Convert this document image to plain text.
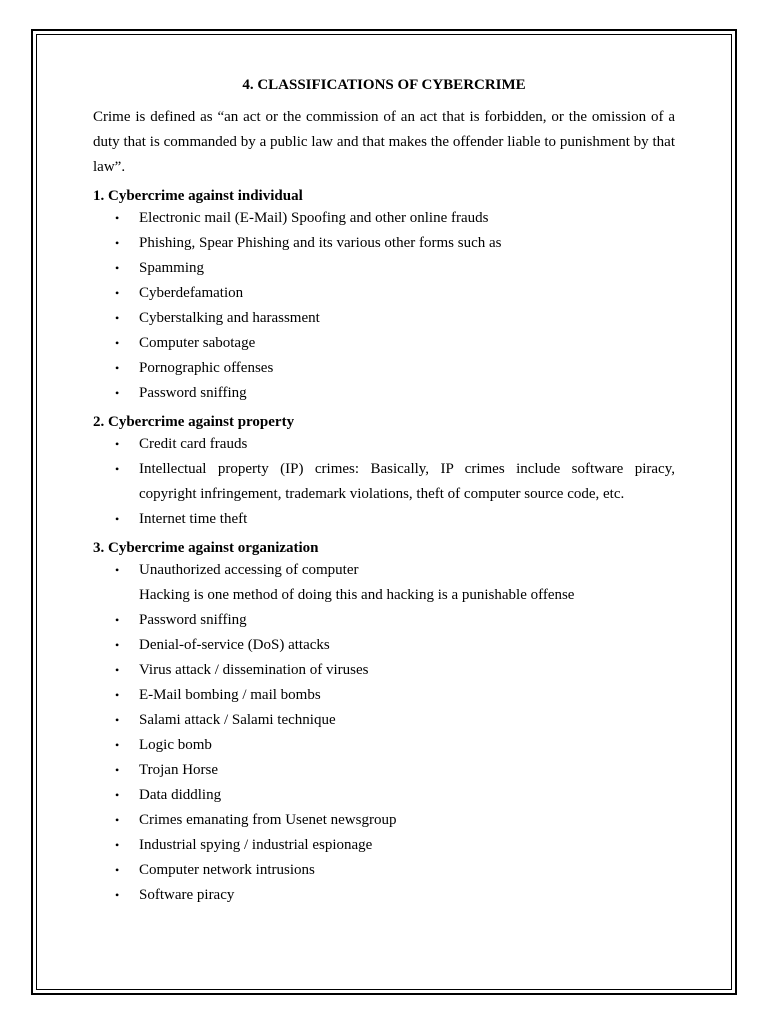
4. CLASSIFICATIONS OF CYBERCRIME

Crime is defined as “an act or the commission of an act that is forbidden, or the omission of a duty that is commanded by a public law and that makes the offender liable to punishment by that law”.

1. Cybercrime against individual

• Electronic mail (E-Mail) Spoofing and other online frauds
• Phishing, Spear Phishing and its various other forms such as
• Spamming
• Cyberdefamation
• Cyberstalking and harassment
• Computer sabotage
• Pornographic offenses
• Password sniffing

2. Cybercrime against property

• Credit card frauds
• Intellectual property (IP) crimes: Basically, IP crimes include software piracy,
copyright infringement, trademark violations, theft of computer source code, etc.
• Internet time theft

3. Cybercrime against organization

• Unauthorized accessing of computer
Hacking is one method of doing this and hacking is a punishable offense
• Password sniffing
• Denial-of-service (DoS) attacks
• Virus attack / dissemination of viruses
• E-Mail bombing / mail bombs
• Salami attack / Salami technique
• Logic bomb
• Trojan Horse
• Data diddling
• Crimes emanating from Usenet newsgroup
• Industrial spying / industrial espionage
• Computer network intrusions
• Software piracy
